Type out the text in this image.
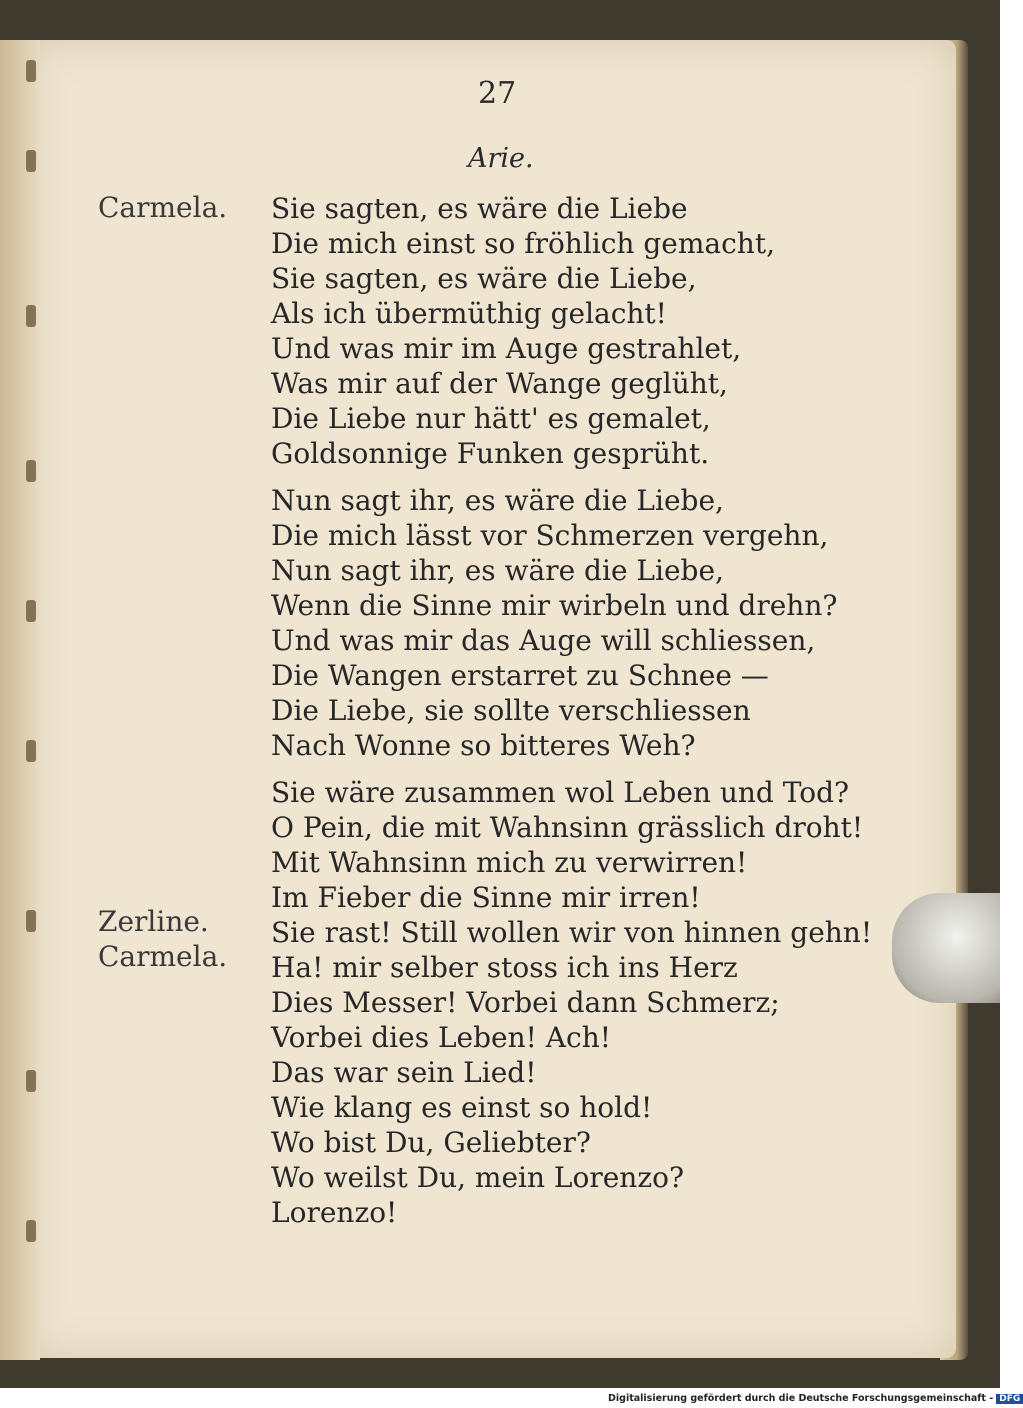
27
Arie.
Carmela.
Zerline.
Carmela.
Sie sagten, es wäre die Liebe
Die mich einst so fröhlich gemacht,
Sie sagten, es wäre die Liebe,
Als ich übermüthig gelacht!
Und was mir im Auge gestrahlet,
Was mir auf der Wange geglüht,
Die Liebe nur hätt' es gemalet,
Goldsonnige Funken gesprüht.
Nun sagt ihr, es wäre die Liebe,
Die mich lässt vor Schmerzen vergehn,
Nun sagt ihr, es wäre die Liebe,
Wenn die Sinne mir wirbeln und drehn?
Und was mir das Auge will schliessen,
Die Wangen erstarret zu Schnee —
Die Liebe, sie sollte verschliessen
Nach Wonne so bitteres Weh?
Sie wäre zusammen wol Leben und Tod?
O Pein, die mit Wahnsinn grässlich droht!
Mit Wahnsinn mich zu verwirren!
Im Fieber die Sinne mir irren!
Sie rast! Still wollen wir von hinnen gehn!
Ha! mir selber stoss ich ins Herz
Dies Messer! Vorbei dann Schmerz;
Vorbei dies Leben! Ach!
Das war sein Lied!
Wie klang es einst so hold!
Wo bist Du, Geliebter?
Wo weilst Du, mein Lorenzo?
Lorenzo!
Digitalisierung gefördert durch die Deutsche Forschungsgemeinschaft - DFG
